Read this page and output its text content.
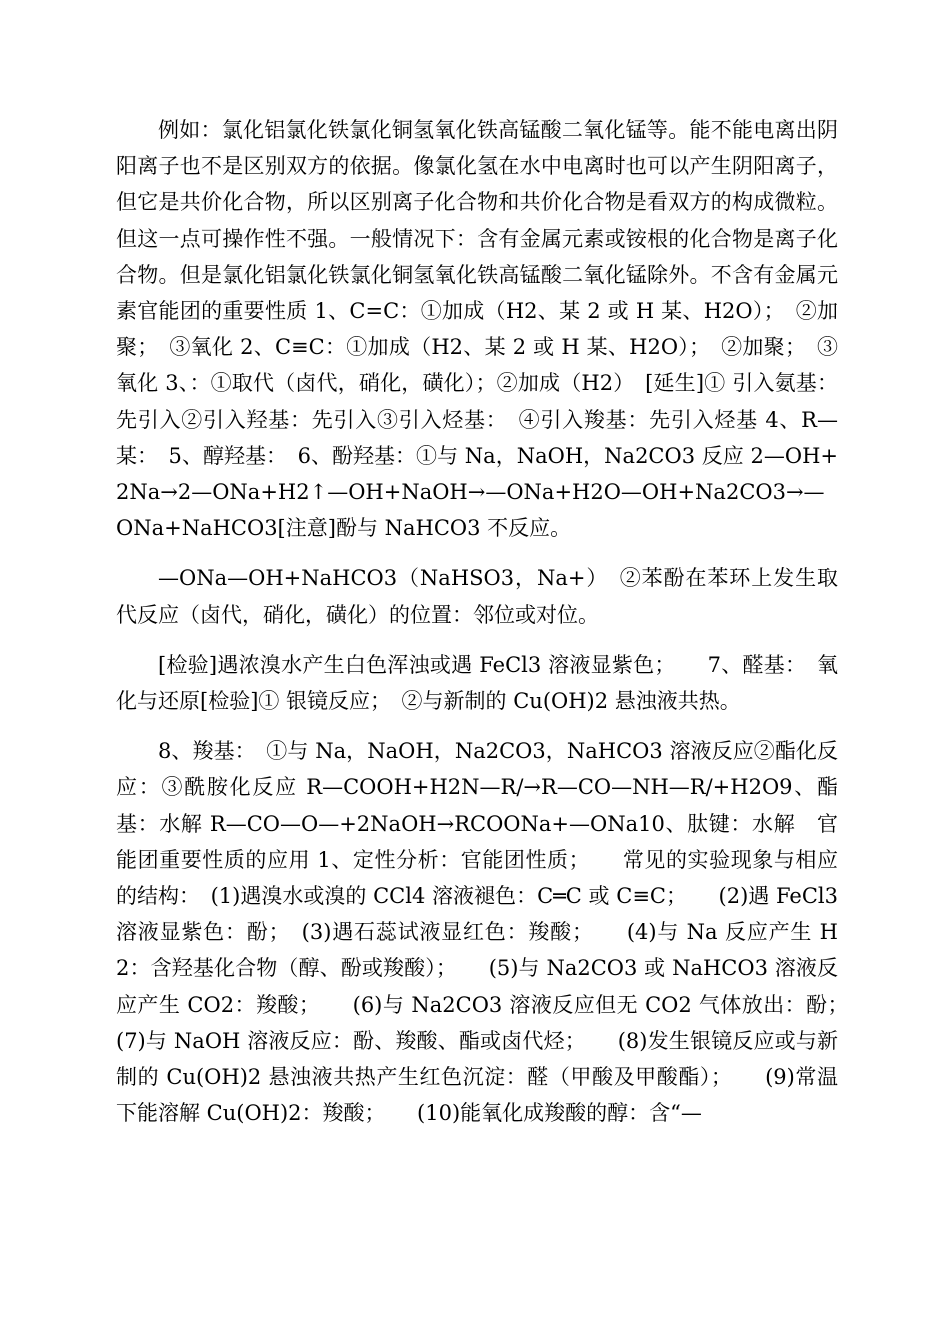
例如：氯化铝氯化铁氯化铜氢氧化铁高锰酸二氧化锰等。能不能电离出阴阳离子也不是区别双方的依据。像氯化氢在水中电离时也可以产生阴阳离子，但它是共价化合物，所以区别离子化合物和共价化合物是看双方的构成微粒。但这一点可操作性不强。一般情况下：含有金属元素或铵根的化合物是离子化合物。但是氯化铝氯化铁氯化铜氢氧化铁高锰酸二氧化锰除外。不含有金属元素官能团的重要性质 1、C=C：①加成（H2、某 2 或 H 某、H2O）；　②加聚；　③氧化 2、C≡C：①加成（H2、某 2 或 H 某、H2O）；　②加聚；　③氧化 3、：①取代（卤代，硝化，磺化）；②加成（H2）　[延生]① 引入氨基：先引入②引入羟基：先引入③引入烃基：　④引入羧基：先引入烃基 4、R—某：　5、醇羟基：　6、酚羟基：①与 Na，NaOH，Na2CO3 反应 2—OH+2Na→2—ONa+H2↑—OH+NaOH→—ONa+H2O—OH+Na2CO3→—ONa+NaHCO3[注意]酚与 NaHCO3 不反应。

—ONa—OH+NaHCO3（NaHSO3，Na+）　②苯酚在苯环上发生取代反应（卤代，硝化，磺化）的位置：邻位或对位。

[检验]遇浓溴水产生白色浑浊或遇 FeCl3 溶液显紫色；　　7、醛基：　氧化与还原[检验]① 银镜反应；　②与新制的 Cu(OH)2 悬浊液共热。

8、羧基：　①与 Na，NaOH，Na2CO3，NaHCO3 溶液反应②酯化反应：③酰胺化反应 R—COOH+H2N—R/→R—CO—NH—R/+H2O9、酯基：水解 R—CO—O—+2NaOH→RCOONa+—ONa10、肽键：水解　官能团重要性质的应用 1、定性分析：官能团性质；　　常见的实验现象与相应的结构：　(1)遇溴水或溴的 CCl4 溶液褪色：C═C 或 C≡C；　　(2)遇 FeCl3 溶液显紫色：酚；　(3)遇石蕊试液显红色：羧酸；　　(4)与 Na 反应产生 H2：含羟基化合物（醇、酚或羧酸）；　　(5)与 Na2CO3 或 NaHCO3 溶液反应产生 CO2：羧酸；　　(6)与 Na2CO3 溶液反应但无 CO2 气体放出：酚；　　(7)与 NaOH 溶液反应：酚、羧酸、酯或卤代烃；　　(8)发生银镜反应或与新制的 Cu(OH)2 悬浊液共热产生红色沉淀：醛（甲酸及甲酸酯）；　　(9)常温下能溶解 Cu(OH)2：羧酸；　　(10)能氧化成羧酸的醇：含“—
